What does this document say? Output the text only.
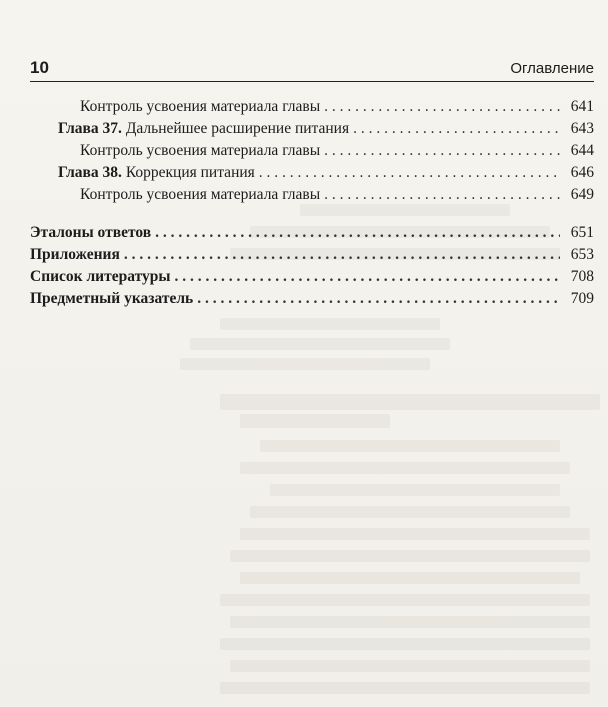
10	Оглавление
Контроль усвоения материала главы . . .	641
Глава 37. Дальнейшее расширение питания . . .	643
Контроль усвоения материала главы . . .	644
Глава 38. Коррекция питания . . .	646
Контроль усвоения материала главы . . .	649
Эталоны ответов . . .	651
Приложения . . .	653
Список литературы . . .	708
Предметный указатель . . .	709
